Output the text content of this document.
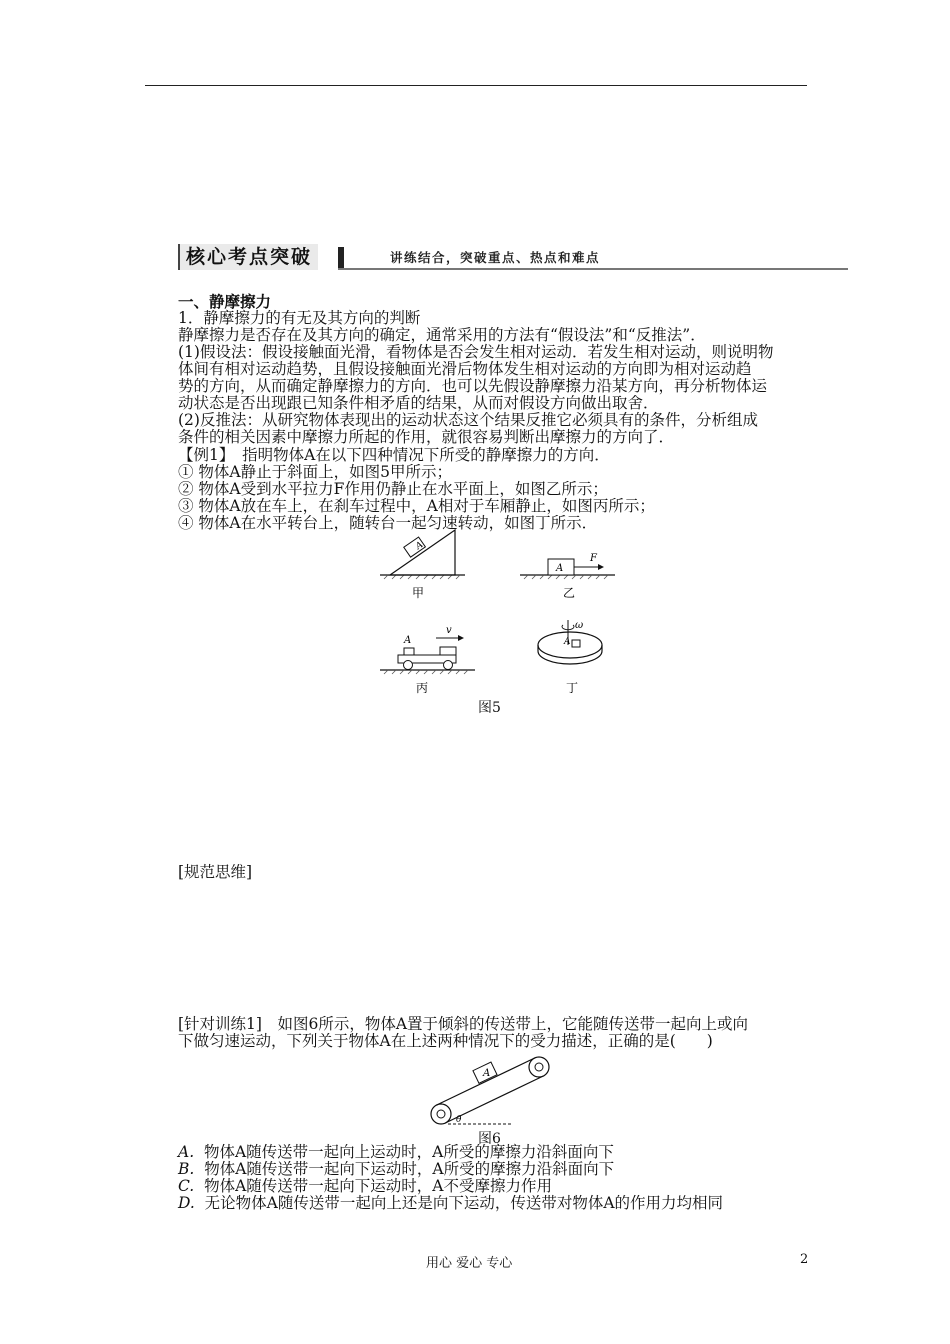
核心考点突破	讲练结合，突破重点、热点和难点
一、静摩擦力
1．静摩擦力的有无及其方向的判断
静摩擦力是否存在及其方向的确定，通常采用的方法有“假设法”和“反推法”．
(1)假设法：假设接触面光滑，看物体是否会发生相对运动．若发生相对运动，则说明物
体间有相对运动趋势，且假设接触面光滑后物体发生相对运动的方向即为相对运动趋
势的方向，从而确定静摩擦力的方向．也可以先假设静摩擦力沿某方向，再分析物体运
动状态是否出现跟已知条件相矛盾的结果，从而对假设方向做出取舍．
(2)反推法：从研究物体表现出的运动状态这个结果反推它必须具有的条件，分析组成
条件的相关因素中摩擦力所起的作用，就很容易判断出摩擦力的方向了．
【例1】　指明物体A在以下四种情况下所受的静摩擦力的方向．
① 物体A静止于斜面上，如图5甲所示；
② 物体A受到水平拉力F作用仍静止在水平面上，如图乙所示；
③ 物体A放在车上，在刹车过程中，A相对于车厢静止，如图丙所示；
④ 物体A在水平转台上，随转台一起匀速转动，如图丁所示．
A
甲
A
F
乙
A
v
丙
ω
A
丁
图5
[规范思维]
[针对训练1]　如图6所示，物体A置于倾斜的传送带上，它能随传送带一起向上或向
下做匀速运动，下列关于物体A在上述两种情况下的受力描述，正确的是(　　)
A
θ
图6
A. 物体A随传送带一起向上运动时，A所受的摩擦力沿斜面向下
B. 物体A随传送带一起向下运动时，A所受的摩擦力沿斜面向下
C. 物体A随传送带一起向下运动时，A不受摩擦力作用
D. 无论物体A随传送带一起向上还是向下运动，传送带对物体A的作用力均相同
用心 爱心 专心	2
